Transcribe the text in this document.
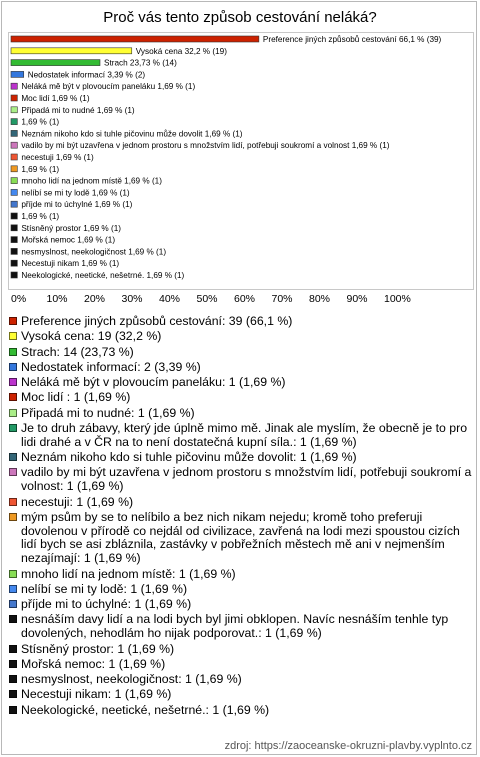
Proč vás tento způsob cestování neláká?
Preference jiných způsobů cestování 66,1 % (39)
Vysoká cena 32,2 % (19)
Strach 23,73 % (14)
Nedostatek informací 3,39 % (2)
Neláká mě být v plovoucím paneláku 1,69 % (1)
Moc lidí 1,69 % (1)
Připadá mi to nudné 1,69 % (1)
1,69 % (1)
Neznám nikoho kdo si tuhle pičovinu může dovolit 1,69 % (1)
vadilo by mi být uzavřena v jednom prostoru s množstvím lidí, potřebuji soukromí a volnost 1,69 % (1)
necestuji 1,69 % (1)
1,69 % (1)
mnoho lidí na jednom místě 1,69 % (1)
nelíbí se mi ty lodě 1,69 % (1)
příjde mi to úchylné 1,69 % (1)
1,69 % (1)
Stísněný prostor 1,69 % (1)
Mořská nemoc 1,69 % (1)
nesmyslnost, neekologičnost 1,69 % (1)
Necestuji nikam 1,69 % (1)
Neekologické, neetické, nešetrné. 1,69 % (1)
0% 10% 20% 30% 40% 50% 60% 70% 80% 90% 100%
Preference jiných způsobů cestování: 39 (66,1 %)
Vysoká cena: 19 (32,2 %)
Strach: 14 (23,73 %)
Nedostatek informací: 2 (3,39 %)
Neláká mě být v plovoucím paneláku: 1 (1,69 %)
Moc lidí : 1 (1,69 %)
Připadá mi to nudné: 1 (1,69 %)
Je to druh zábavy, který jde úplně mimo mě. Jinak ale myslím, že obecně je to pro lidi drahé a v ČR na to není dostatečná kupní síla.: 1 (1,69 %)
Neznám nikoho kdo si tuhle pičovinu může dovolit: 1 (1,69 %)
vadilo by mi být uzavřena v jednom prostoru s množstvím lidí, potřebuji soukromí a volnost: 1 (1,69 %)
necestuji: 1 (1,69 %)
mým psům by se to nelíbilo a bez nich nikam nejedu; kromě toho preferuji dovolenou v přírodě co nejdál od civilizace, zavřená na lodi mezi spoustou cizích lidí bych se asi zbláznila, zastávky v pobřežních městech mě ani v nejmenším nezajímají: 1 (1,69 %)
mnoho lidí na jednom místě: 1 (1,69 %)
nelíbí se mi ty lodě: 1 (1,69 %)
příjde mi to úchylné: 1 (1,69 %)
nesnáším davy lidí a na lodi bych byl jimi obklopen. Navíc nesnáším tenhle typ dovolených, nehodlám ho nijak podporovat.: 1 (1,69 %)
Stísněný prostor: 1 (1,69 %)
Mořská nemoc: 1 (1,69 %)
nesmyslnost, neekologičnost: 1 (1,69 %)
Necestuji nikam: 1 (1,69 %)
Neekologické, neetické, nešetrné.: 1 (1,69 %)
zdroj: https://zaoceanske-okruzni-plavby.vyplnto.cz
